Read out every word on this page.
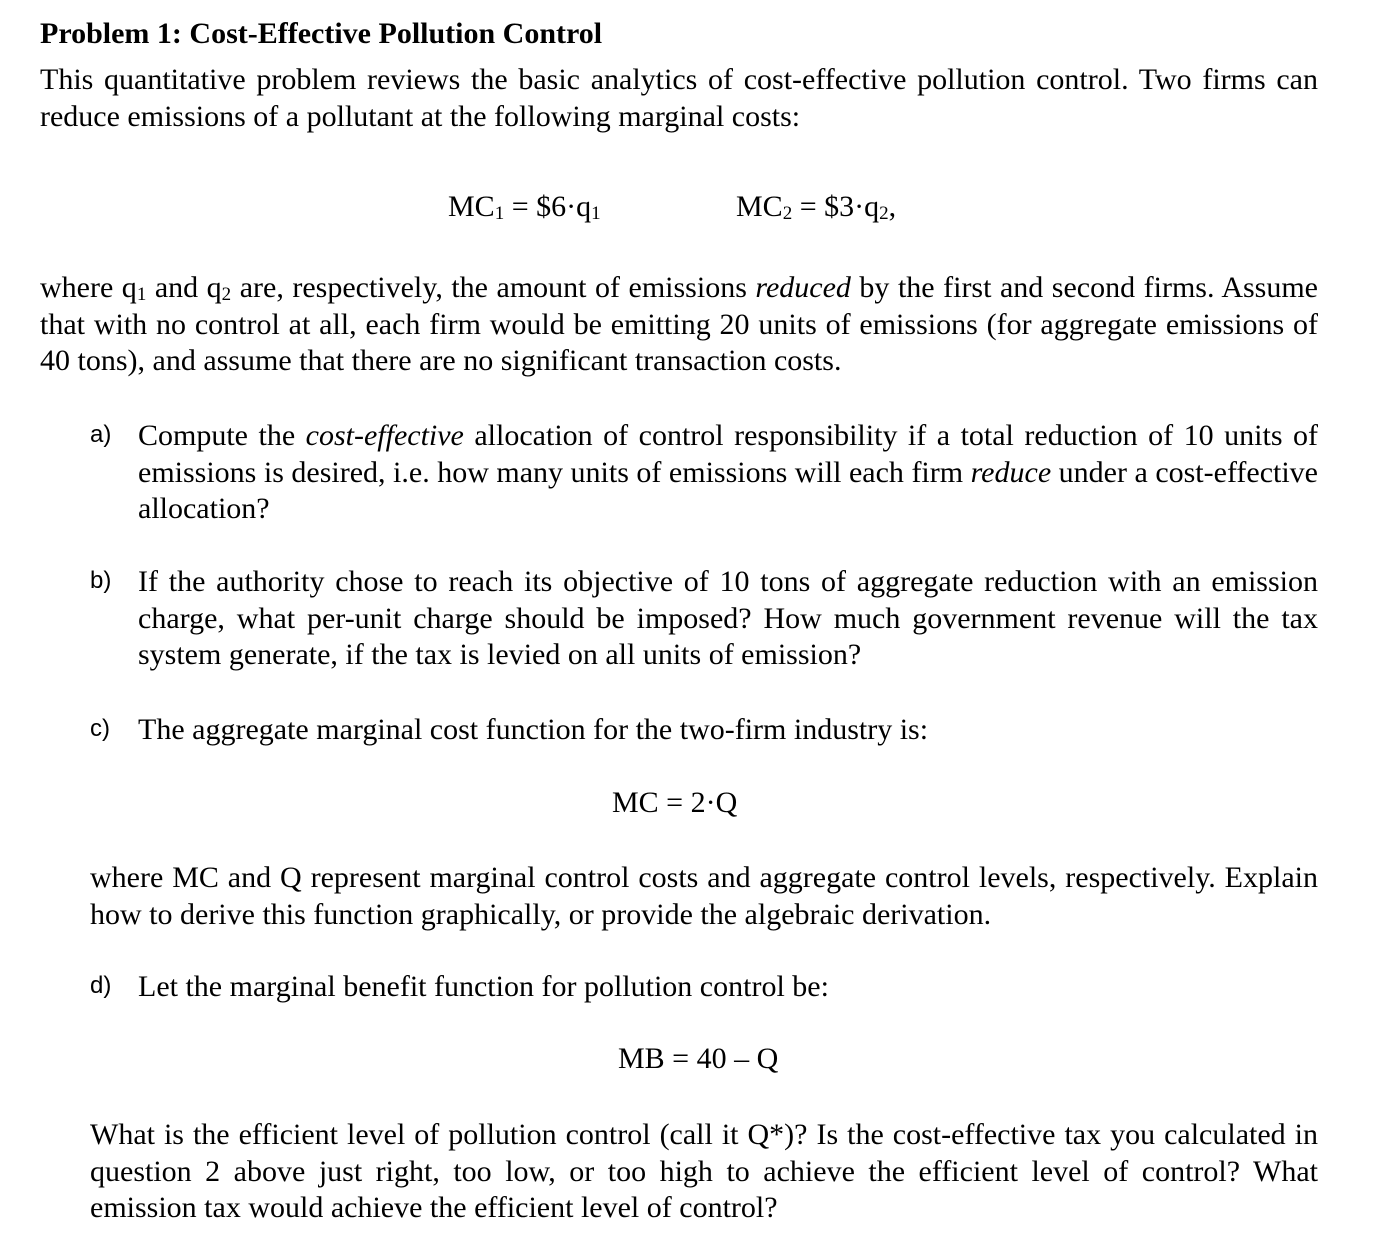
Problem 1: Cost-Effective Pollution Control
This quantitative problem reviews the basic analytics of cost-effective pollution control. Two firms can reduce emissions of a pollutant at the following marginal costs:
$MC_1$ = $\$6\cdot q_1$	$MC_2$ = $\$3\cdot q_2$,
where $q_1$ and $q_2$ are, respectively, the amount of emissions reduced by the first and second firms. Assume that with no control at all, each firm would be emitting 20 units of emissions (for aggregate emissions of 40 tons), and assume that there are no significant transaction costs.
a) Compute the cost-effective allocation of control responsibility if a total reduction of 10 units of emissions is desired, i.e. how many units of emissions will each firm reduce under a cost-effective allocation?
b) If the authority chose to reach its objective of 10 tons of aggregate reduction with an emission charge, what per-unit charge should be imposed? How much government revenue will the tax system generate, if the tax is levied on all units of emission?
c) The aggregate marginal cost function for the two-firm industry is:
MC = 2·Q
where MC and Q represent marginal control costs and aggregate control levels, respectively. Explain how to derive this function graphically, or provide the algebraic derivation.
d) Let the marginal benefit function for pollution control be:
MB = 40 – Q
What is the efficient level of pollution control (call it Q*)? Is the cost-effective tax you calculated in question 2 above just right, too low, or too high to achieve the efficient level of control? What emission tax would achieve the efficient level of control?
